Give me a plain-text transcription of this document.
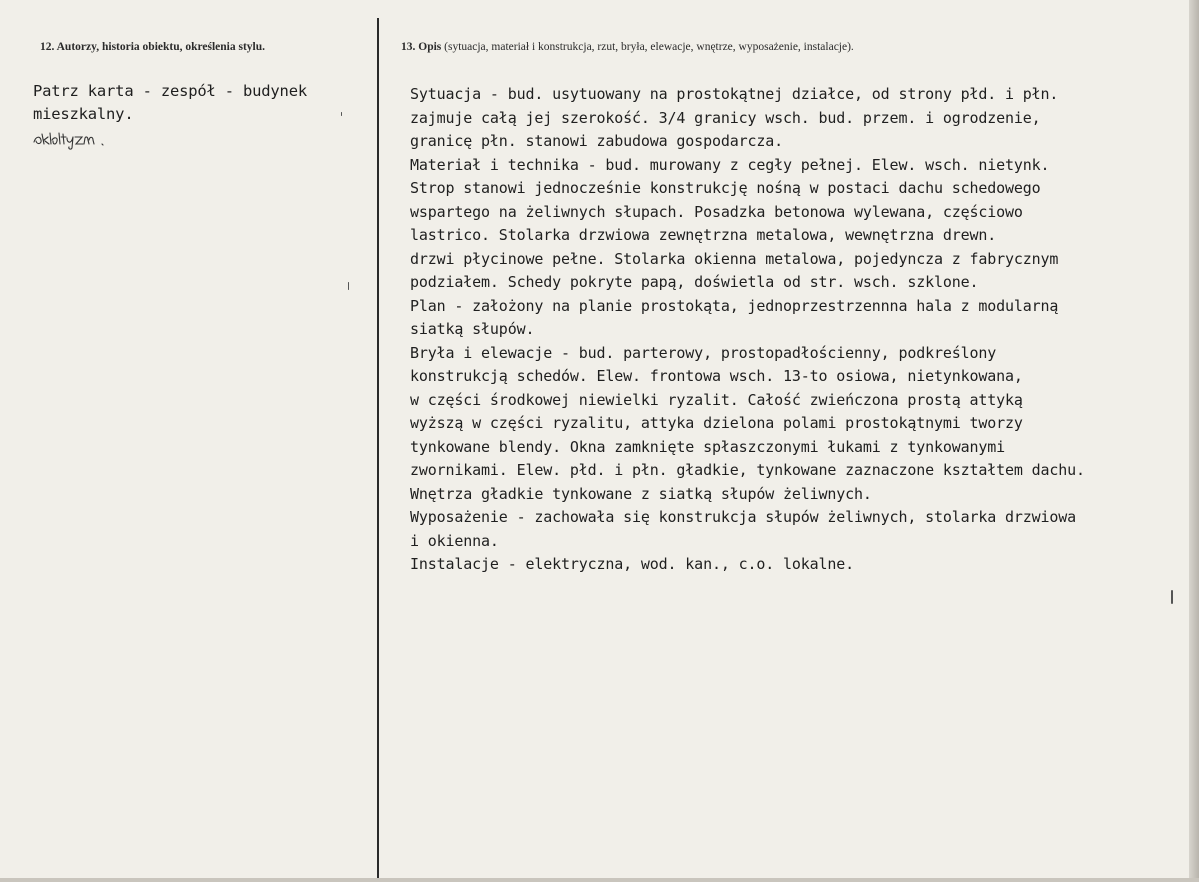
12. Autorzy, historia obiektu, określenia stylu.	13. Opis (sytuacja, materiał i konstrukcja, rzut, bryła, elewacje, wnętrze, wyposażenie, instalacje).
Patrz karta - zespół - budynek
mieszkalny.
Sytuacja - bud. usytuowany na prostokątnej działce, od strony płd. i płn.
zajmuje całą jej szerokość. 3/4 granicy wsch. bud. przem. i ogrodzenie,
granicę płn. stanowi zabudowa gospodarcza.
Materiał i technika - bud. murowany z cegły pełnej. Elew. wsch. nietynk.
Strop stanowi jednocześnie konstrukcję nośną w postaci dachu schedowego
wspartego na żeliwnych słupach. Posadzka betonowa wylewana, częściowo
lastrico. Stolarka drzwiowa zewnętrzna metalowa, wewnętrzna drewn.
drzwi płycinowe pełne. Stolarka okienna metalowa, pojedyncza z fabrycznym
podziałem. Schedy pokryte papą, doświetla od str. wsch. szklone.
Plan - założony na planie prostokąta, jednoprzestrzennna hala z modularną
siatką słupów.
Bryła i elewacje - bud. parterowy, prostopadłościenny, podkreślony
konstrukcją schedów. Elew. frontowa wsch. 13-to osiowa, nietynkowana,
w części środkowej niewielki ryzalit. Całość zwieńczona prostą attyką
wyższą w części ryzalitu, attyka dzielona polami prostokątnymi tworzy
tynkowane blendy. Okna zamknięte spłaszczonymi łukami z tynkowanymi
zwornikami. Elew. płd. i płn. gładkie, tynkowane zaznaczone kształtem dachu.
Wnętrza gładkie tynkowane z siatką słupów żeliwnych.
Wyposażenie - zachowała się konstrukcja słupów żeliwnych, stolarka drzwiowa
i okienna.
Instalacje - elektryczna, wod. kan., c.o. lokalne.
